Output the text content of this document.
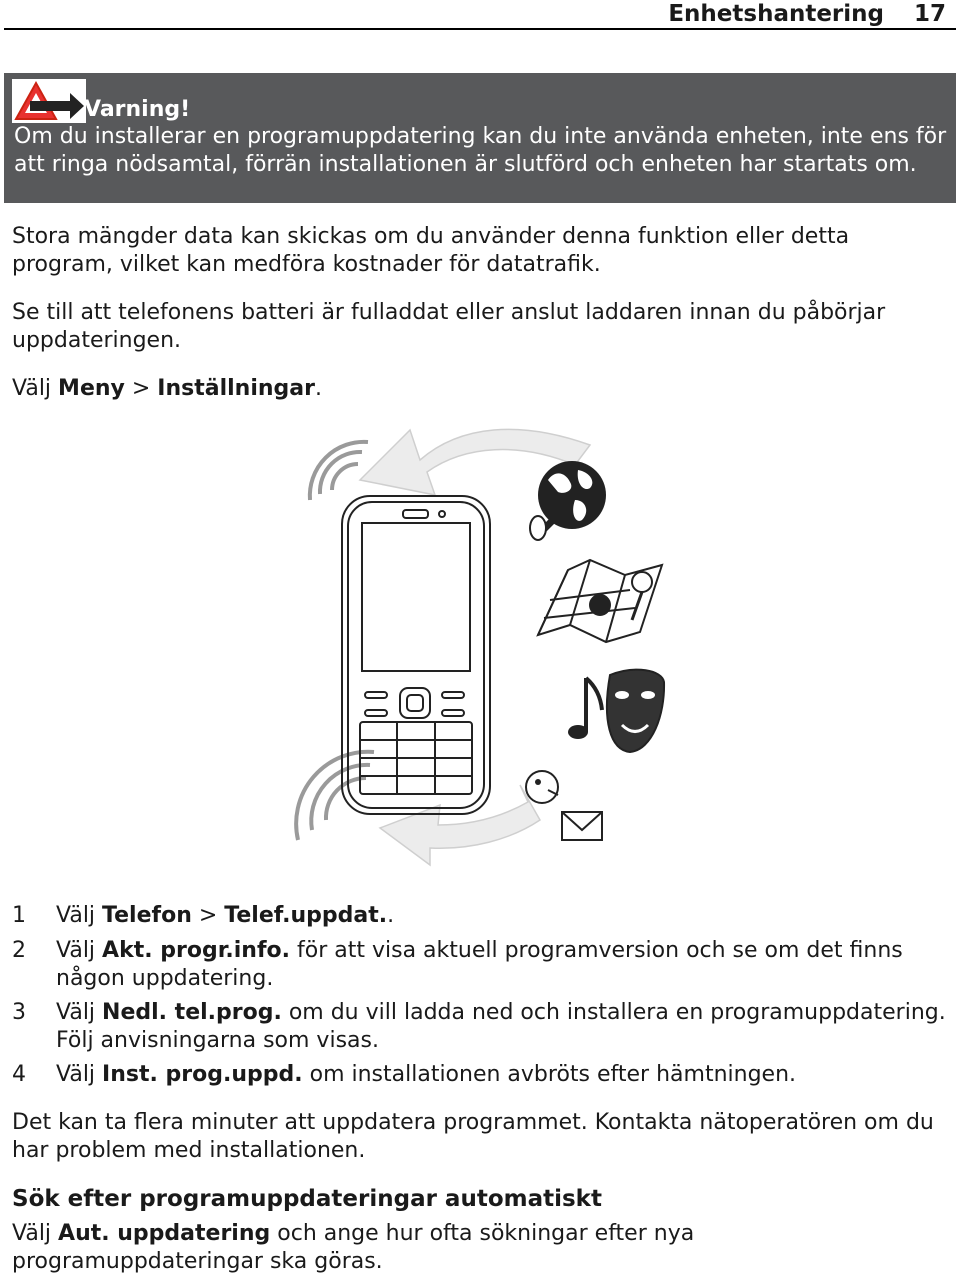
Enhetshantering 17
Varning!
Om du installerar en programuppdatering kan du inte använda enheten, inte ens för att ringa nödsamtal, förrän installationen är slutförd och enheten har startats om.

Stora mängder data kan skickas om du använder denna funktion eller detta program, vilket kan medföra kostnader för datatrafik.

Se till att telefonens batteri är fulladdat eller anslut laddaren innan du påbörjar uppdateringen.

Välj Meny > Inställningar.

1	Välj Telefon > Telef.uppdat..
2	Välj Akt. progr.info. för att visa aktuell programversion och se om det finns någon uppdatering.
3	Välj Nedl. tel.prog. om du vill ladda ned och installera en programuppdatering. Följ anvisningarna som visas.
4	Välj Inst. prog.uppd. om installationen avbröts efter hämtningen.

Det kan ta flera minuter att uppdatera programmet. Kontakta nätoperatören om du har problem med installationen.

Sök efter programuppdateringar automatiskt

Välj Aut. uppdatering och ange hur ofta sökningar efter nya programuppdateringar ska göras.
